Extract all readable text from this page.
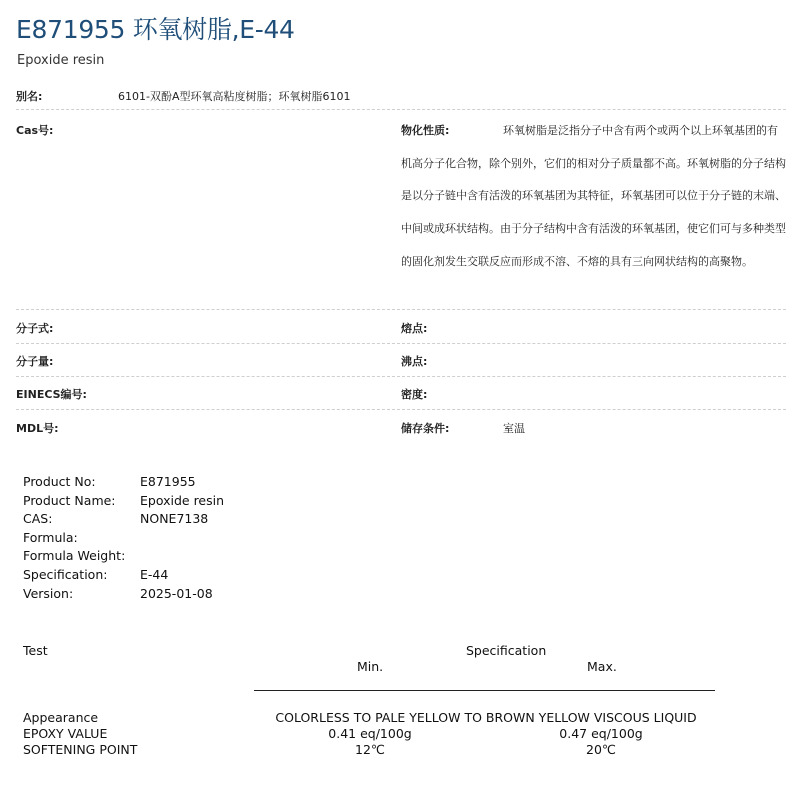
E871955 环氧树脂,E-44
Epoxide resin
别名:	6101-双酚A型环氧高粘度树脂；环氧树脂6101
Cas号:	物化性质:	环氧树脂是泛指分子中含有两个或两个以上环氧基团的有机高分子化合物，除个别外，它们的相对分子质量都不高。环氧树脂的分子结构是以分子链中含有活泼的环氧基团为其特征，环氧基团可以位于分子链的末端、中间或成环状结构。由于分子结构中含有活泼的环氧基团，使它们可与多种类型的固化剂发生交联反应而形成不溶、不熔的具有三向网状结构的高聚物。

分子式:	熔点:
分子量:	沸点:
EINECS编号:	密度:
MDL号:	储存条件:	室温
Product No:	E871955
Product Name: Epoxide resin
CAS:	NONE7138
Formula:
Formula Weight:
Specification:	E-44
Version:	2025-01-08
Test	Specification
Min.	Max.
Appearance	COLORLESS TO PALE YELLOW TO BROWN YELLOW VISCOUS LIQUID
EPOXY VALUE	0.41 eq/100g	0.47 eq/100g
SOFTENING POINT	12℃	20℃
